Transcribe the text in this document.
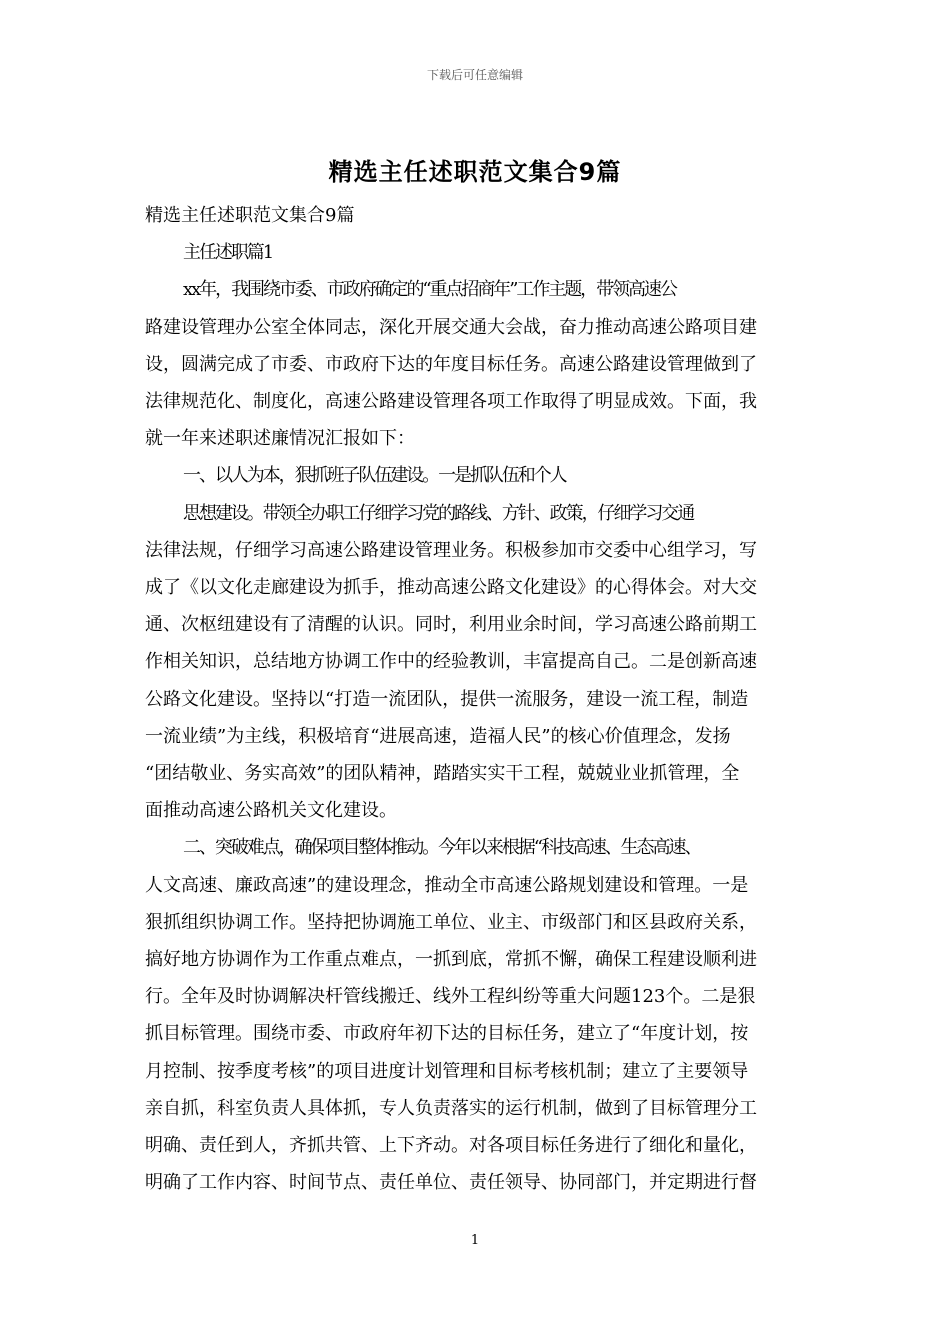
下载后可任意编辑
精选主任述职范文集合9篇
精选主任述职范文集合9篇
主任述职篇1
xx年，我围绕市委、市政府确定的“重点招商年”工作主题，带领高速公
路建设管理办公室全体同志，深化开展交通大会战，奋力推动高速公路项目建
设，圆满完成了市委、市政府下达的年度目标任务。高速公路建设管理做到了
法律规范化、制度化，高速公路建设管理各项工作取得了明显成效。下面，我
就一年来述职述廉情况汇报如下：
一、以人为本，狠抓班子队伍建设。一是抓队伍和个人
思想建设。带领全办职工仔细学习党的路线、方针、政策，仔细学习交通
法律法规，仔细学习高速公路建设管理业务。积极参加市交委中心组学习，写
成了《以文化走廊建设为抓手，推动高速公路文化建设》的心得体会。对大交
通、次枢纽建设有了清醒的认识。同时，利用业余时间，学习高速公路前期工
作相关知识，总结地方协调工作中的经验教训，丰富提高自己。二是创新高速
公路文化建设。坚持以“打造一流团队，提供一流服务，建设一流工程，制造
一流业绩”为主线，积极培育“进展高速，造福人民”的核心价值理念，发扬
“团结敬业、务实高效”的团队精神，踏踏实实干工程，兢兢业业抓管理，全
面推动高速公路机关文化建设。
二、突破难点，确保项目整体推动。今年以来根据“科技高速、生态高速、
人文高速、廉政高速”的建设理念，推动全市高速公路规划建设和管理。一是
狠抓组织协调工作。坚持把协调施工单位、业主、市级部门和区县政府关系，
搞好地方协调作为工作重点难点，一抓到底，常抓不懈，确保工程建设顺利进
行。全年及时协调解决杆管线搬迁、线外工程纠纷等重大问题123个。二是狠
抓目标管理。围绕市委、市政府年初下达的目标任务，建立了“年度计划，按
月控制、按季度考核”的项目进度计划管理和目标考核机制；建立了主要领导
亲自抓，科室负责人具体抓，专人负责落实的运行机制，做到了目标管理分工
明确、责任到人，齐抓共管、上下齐动。对各项目标任务进行了细化和量化，
明确了工作内容、时间节点、责任单位、责任领导、协同部门，并定期进行督
1
